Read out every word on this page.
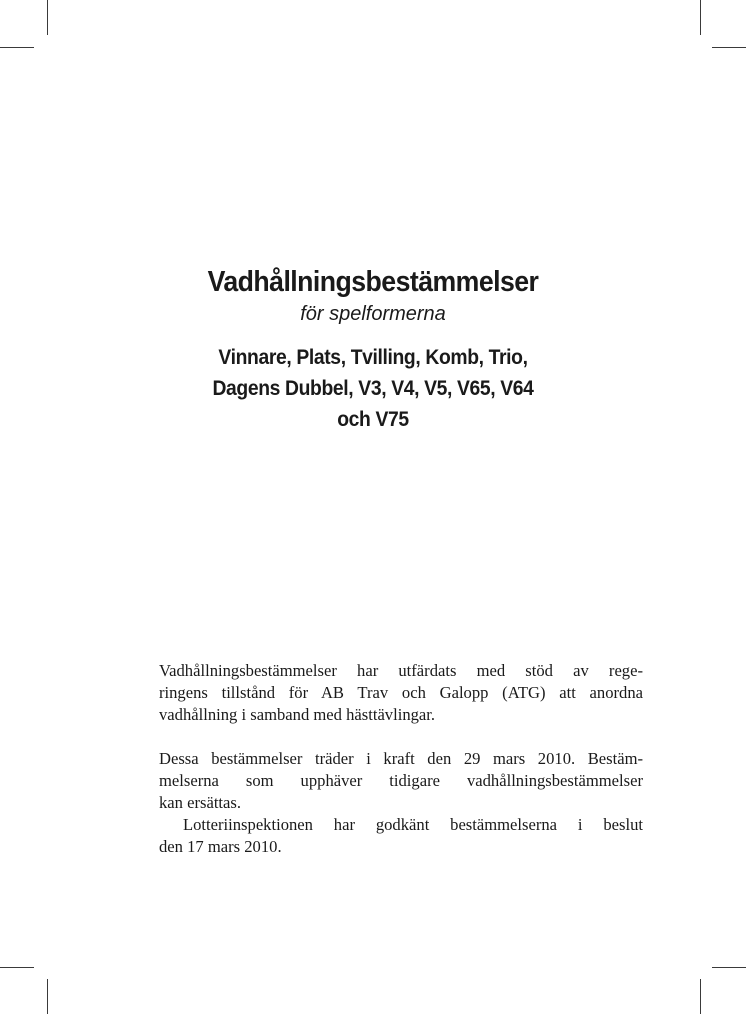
Vadhållningsbestämmelser

för spelformerna

Vinnare, Plats, Tvilling, Komb, Trio,
Dagens Dubbel, V3, V4, V5, V65, V64
och V75
Vadhållningsbestämmelser har utfärdats med stöd av rege-
ringens tillstånd för AB Trav och Galopp (ATG) att anordna
vadhållning i samband med hästtävlingar.
Dessa bestämmelser träder i kraft den 29 mars 2010. Bestäm-
melserna som upphäver tidigare vadhållningsbestämmelser
kan ersättas.
Lotteriinspektionen har godkänt bestämmelserna i beslut
den 17 mars 2010.
